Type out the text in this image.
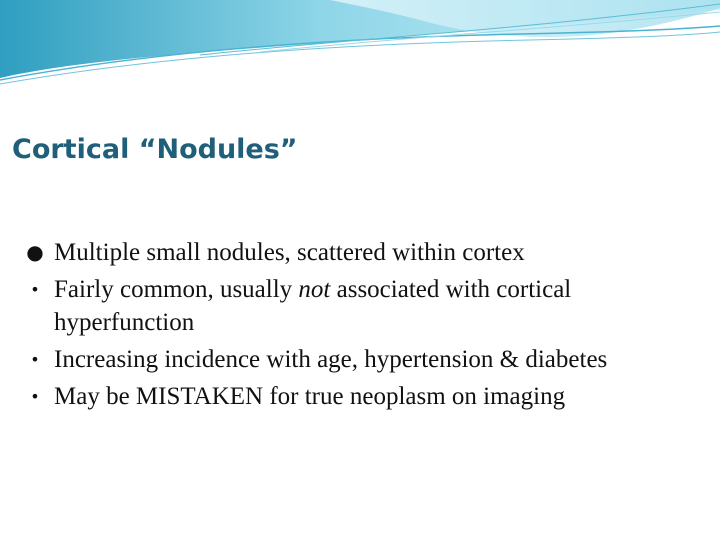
Cortical “Nodules”
● Multiple small nodules, scattered within cortex
• Fairly common, usually not associated with cortical hyperfunction
• Increasing incidence with age, hypertension & diabetes
• May be MISTAKEN for true neoplasm on imaging
